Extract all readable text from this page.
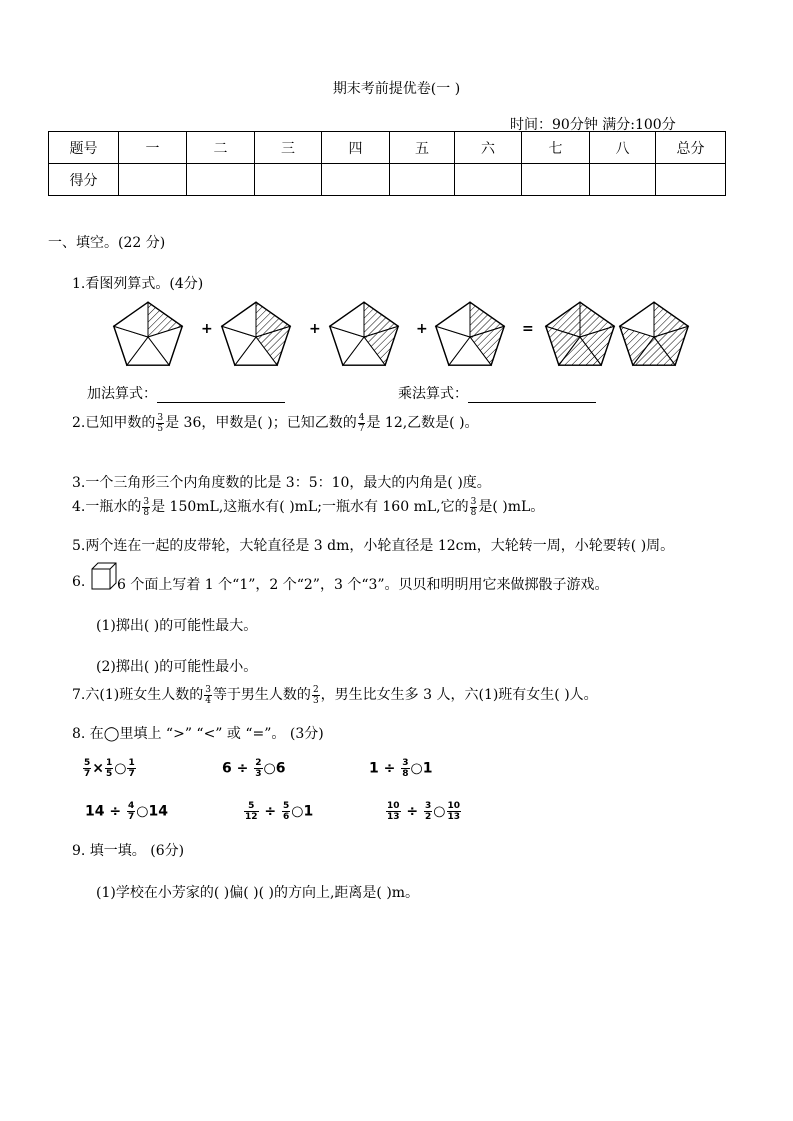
期末考前提优卷(一 )
时间：90分钟 满分:100分
题号	一	二	三	四	五	六	七	八	总分
得分									
一、填空。(22 分)
1.看图列算式。(4分)
+	+	+	=
加法算式：	乘法算式：
2.已知甲数的 $\frac{3}{5}$ 是 36，甲数是( )；已知乙数的 $\frac{4}{7}$ 是 12,乙数是( )。
3.一个三角形三个内角度数的比是 3：5：10，最大的内角是( )度。
4.一瓶水的 $\frac{3}{8}$ 是 150mL,这瓶水有( )mL;一瓶水有 160 mL,它的 $\frac{3}{8}$ 是( )mL。
5.两个连在一起的皮带轮，大轮直径是 3 dm，小轮直径是 12cm，大轮转一周，小轮要转( )周。
6. 6 个面上写着 1 个“1”，2 个“2”，3 个“3”。贝贝和明明用它来做掷骰子游戏。
(1)掷出( )的可能性最大。
(2)掷出( )的可能性最小。
7.六(1)班女生人数的 $\frac{3}{4}$ 等于男生人数的 $\frac{2}{3}$ ，男生比女生多 3 人，六(1)班有女生( )人。
8. 在◯里填上 “>” “<” 或 “=”。 (3分)
$\frac{5}{7} \times \frac{1}{5}$ ○ $\frac{1}{7}$	$6 \div \frac{2}{3}$ ○6	$1 \div \frac{3}{8}$ ○1
$14 \div \frac{4}{7}$ ○14	$\frac{5}{12} \div \frac{5}{6}$ ○1	$\frac{10}{13} \div \frac{3}{2}$ ○ $\frac{10}{13}$
9. 填一填。 (6分)
(1)学校在小芳家的( )偏( )( )的方向上,距离是( )m。
